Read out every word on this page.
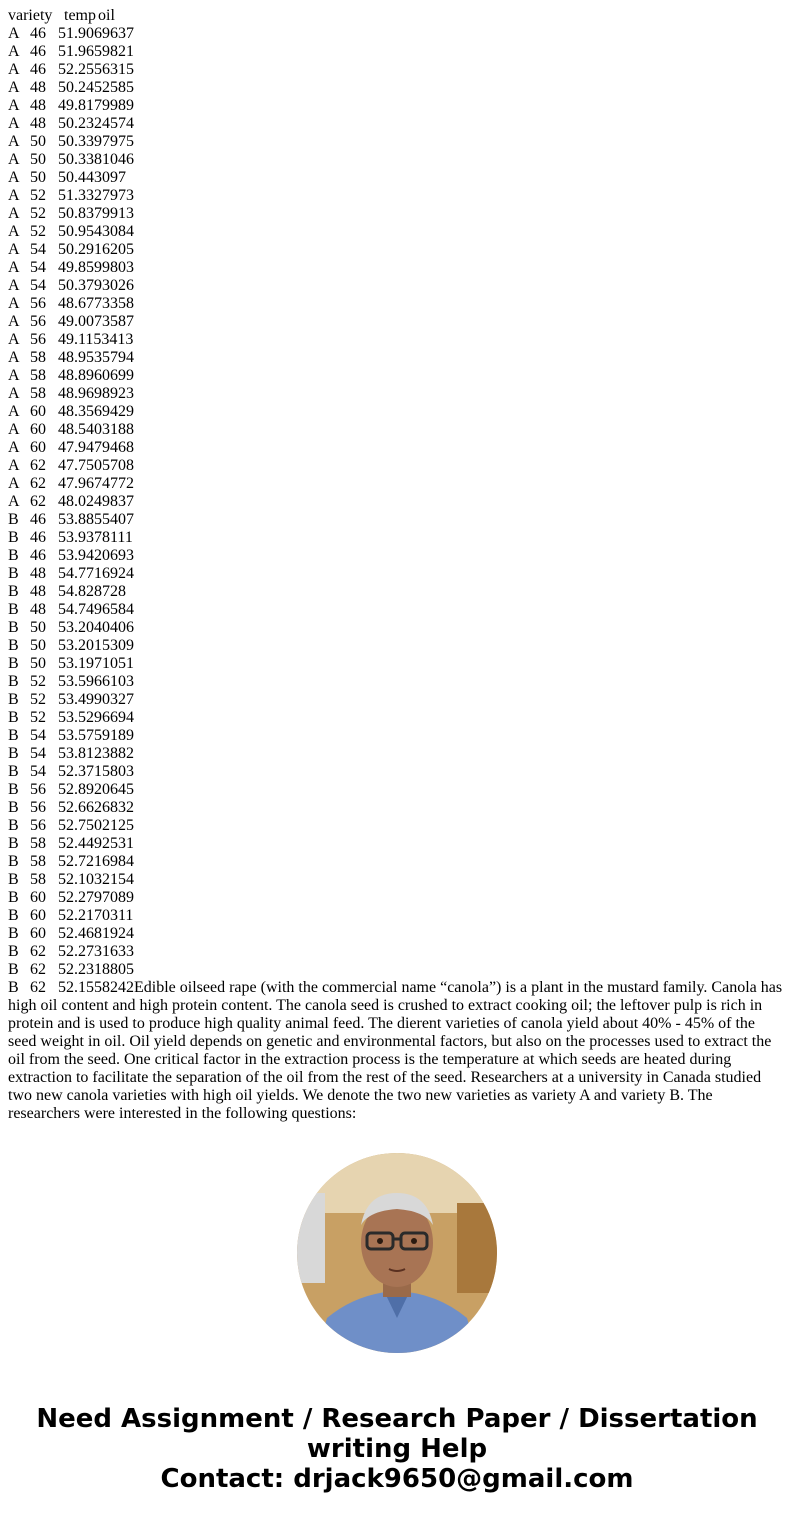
variety temp oil
A 46 51.9069637
A 46 51.9659821
A 46 52.2556315
A 48 50.2452585
A 48 49.8179989
A 48 50.2324574
A 50 50.3397975
A 50 50.3381046
A 50 50.443097
A 52 51.3327973
A 52 50.8379913
A 52 50.9543084
A 54 50.2916205
A 54 49.8599803
A 54 50.3793026
A 56 48.6773358
A 56 49.0073587
A 56 49.1153413
A 58 48.9535794
A 58 48.8960699
A 58 48.9698923
A 60 48.3569429
A 60 48.5403188
A 60 47.9479468
A 62 47.7505708
A 62 47.9674772
A 62 48.0249837
B 46 53.8855407
B 46 53.9378111
B 46 53.9420693
B 48 54.7716924
B 48 54.828728
B 48 54.7496584
B 50 53.2040406
B 50 53.2015309
B 50 53.1971051
B 52 53.5966103
B 52 53.4990327
B 52 53.5296694
B 54 53.5759189
B 54 53.8123882
B 54 52.3715803
B 56 52.8920645
B 56 52.6626832
B 56 52.7502125
B 58 52.4492531
B 58 52.7216984
B 58 52.1032154
B 60 52.2797089
B 60 52.2170311
B 60 52.4681924
B 62 52.2731633
B 62 52.2318805
B 62 52.1558242Edible oilseed rape (with the commercial name “canola”) is a plant in the mustard family. Canola has high oil content and high protein content. The canola seed is crushed to extract cooking oil; the leftover pulp is rich in protein and is used to produce high quality animal feed. The dierent varieties of canola yield about 40% - 45% of the seed weight in oil. Oil yield depends on genetic and environmental factors, but also on the processes used to extract the oil from the seed. One critical factor in the extraction process is the temperature at which seeds are heated during extraction to facilitate the separation of the oil from the rest of the seed. Researchers at a university in Canada studied two new canola varieties with high oil yields. We denote the two new varieties as variety A and variety B. The researchers were interested in the following questions:
Need Assignment / Research Paper / Dissertation
writing Help
Contact: drjack9650@gmail.com
